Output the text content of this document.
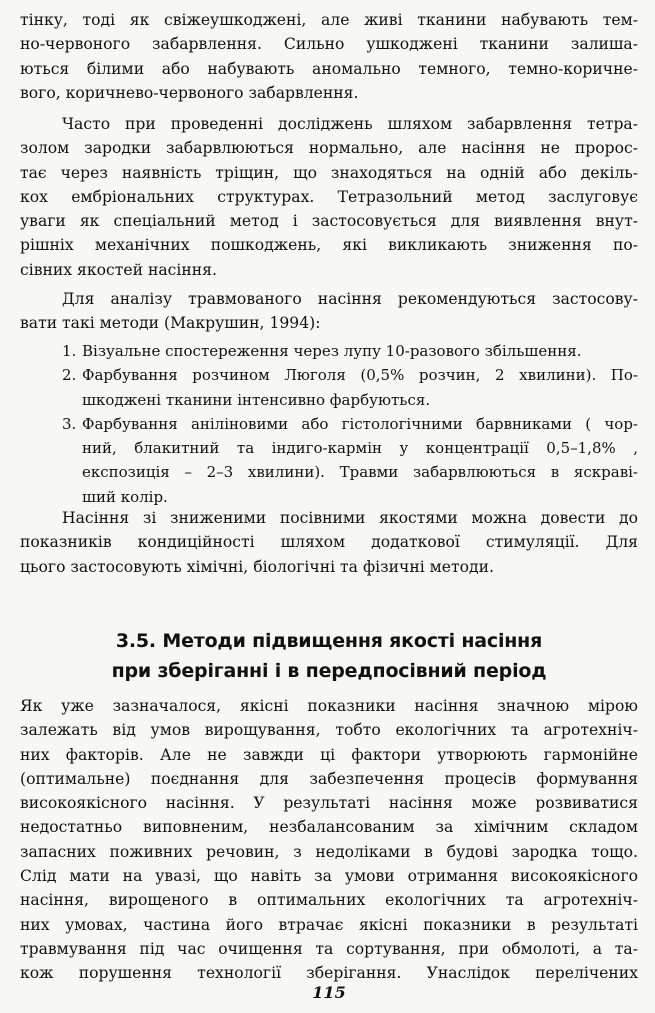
тінку, тоді як свіжеушкоджені, але живі тканини набувають тем-
но-червоного забарвлення. Сильно ушкоджені тканини залиша-
ються білими або набувають аномально темного, темно-коричне-
вого, коричнево-червоного забарвлення.
Часто при проведенні досліджень шляхом забарвлення тетра-
золом зародки забарвлюються нормально, але насіння не пророс-
тає через наявність тріщин, що знаходяться на одній або декіль-
кох ембріональних структурах. Тетразольний метод заслуговує
уваги як спеціальний метод і застосовується для виявлення внут-
рішніх механічних пошкоджень, які викликають зниження по-
сівних якостей насіння.
Для аналізу травмованого насіння рекомендуються застосову-
вати такі методи (Макрушин, 1994):
1. Візуальне спостереження через лупу 10-разового збільшення.
2. Фарбування розчином Люголя (0,5% розчин, 2 хвилини). По-
шкоджені тканини інтенсивно фарбуються.
3. Фарбування аніліновими або гістологічними барвниками ( чор-
ний, блакитний та індиго-кармін у концентрації 0,5–1,8% ,
експозиція – 2–3 хвилини). Травми забарвлюються в яскраві-
ший колір.
Насіння зі зниженими посівними якостями можна довести до
показників кондиційності шляхом додаткової стимуляції. Для
цього застосовують хімічні, біологічні та фізичні методи.

3.5. Методи підвищення якості насіння

при зберіганні і в передпосівний період

Як уже зазначалося, якісні показники насіння значною мірою
залежать від умов вирощування, тобто екологічних та агротехніч-
них факторів. Але не завжди ці фактори утворюють гармонійне
(оптимальне) поєднання для забезпечення процесів формування
високоякісного насіння. У результаті насіння може розвиватися
недостатньо виповненим, незбалансованим за хімічним складом
запасних поживних речовин, з недоліками в будові зародка тощо.
Слід мати на увазі, що навіть за умови отримання високоякісного
насіння, вирощеного в оптимальних екологічних та агротехніч-
них умовах, частина його втрачає якісні показники в результаті
травмування під час очищення та сортування, при обмолоті, а та-
кож порушення технології зберігання. Унаслідок перелічених
115
